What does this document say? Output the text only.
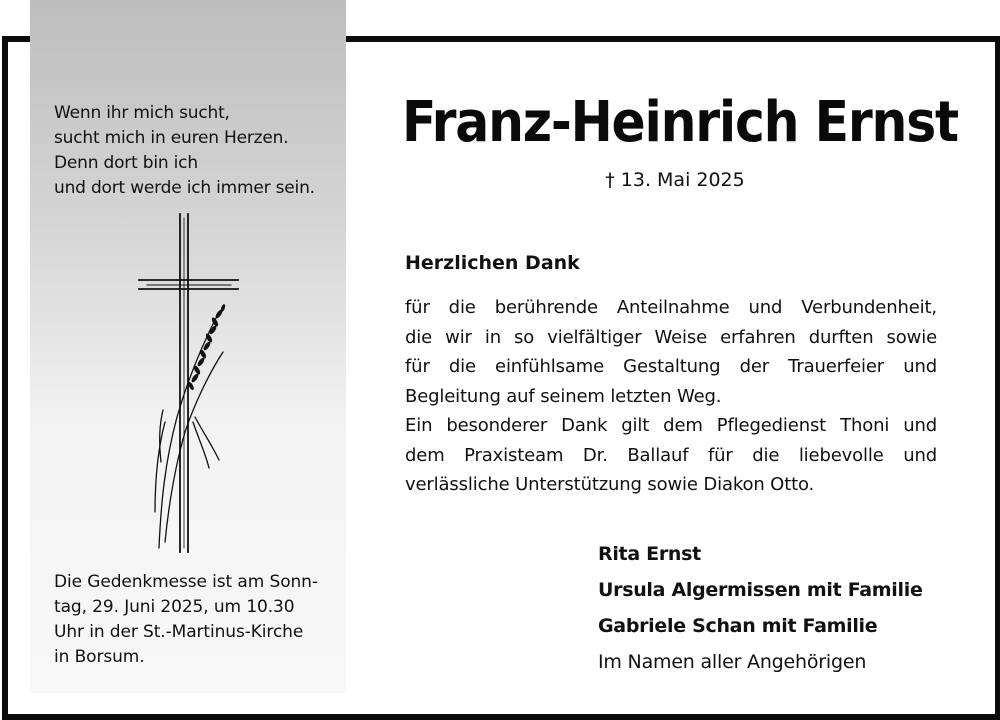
Wenn ihr mich sucht,
sucht mich in euren Herzen.
Denn dort bin ich
und dort werde ich immer sein.
Die Gedenkmesse ist am Sonn-
tag, 29. Juni 2025, um 10.30
Uhr in der St.-Martinus-Kirche
in Borsum.
Franz-Heinrich Ernst
† 13. Mai 2025
Herzlichen Dank
für die berührende Anteilnahme und Verbundenheit,
die wir in so vielfältiger Weise erfahren durften sowie
für die einfühlsame Gestaltung der Trauerfeier und
Begleitung auf seinem letzten Weg.
Ein besonderer Dank gilt dem Pflegedienst Thoni und
dem Praxisteam Dr. Ballauf für die liebevolle und
verlässliche Unterstützung sowie Diakon Otto.
Rita Ernst
Ursula Algermissen mit Familie
Gabriele Schan mit Familie
Im Namen aller Angehörigen
